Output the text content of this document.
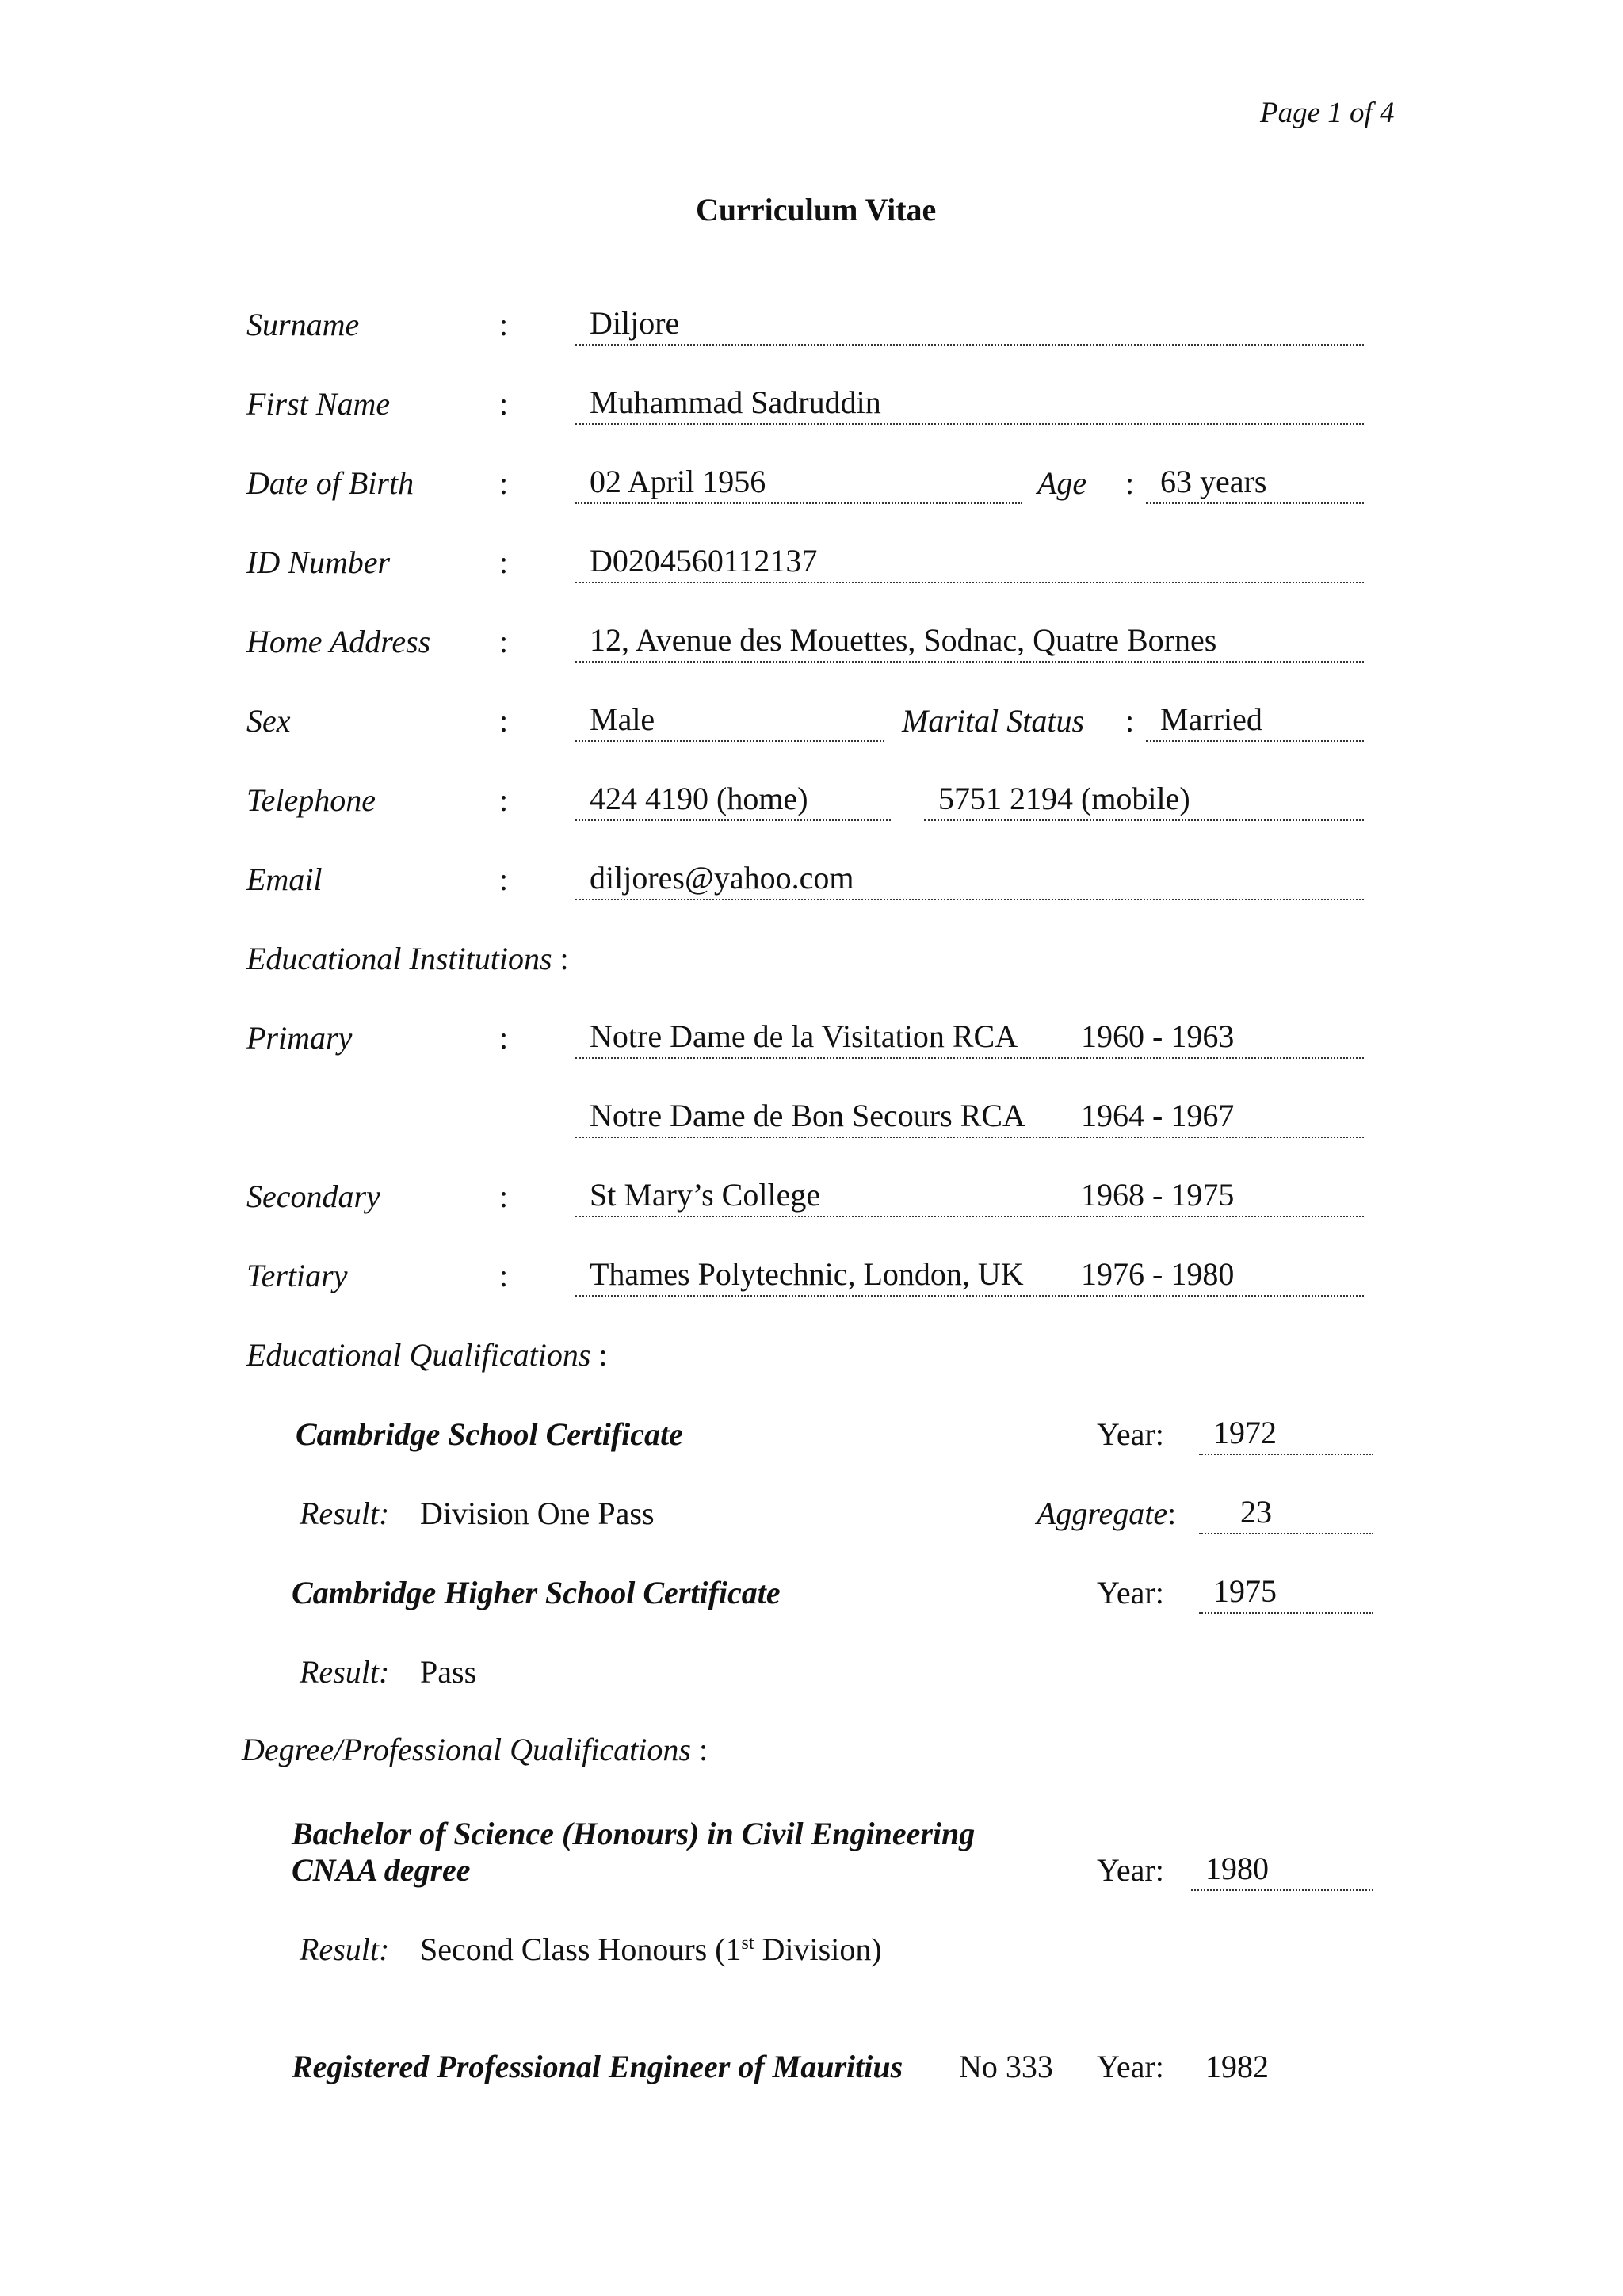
Page 1 of 4
Curriculum Vitae
Surname	:	Diljore
First Name	:	Muhammad Sadruddin
Date of Birth	:	02 April 1956	Age : 63 years
ID Number	:	D0204560112137
Home Address :	12, Avenue des Mouettes, Sodnac, Quatre Bornes
Sex	:	Male	Marital Status : Married
Telephone	:	424 4190 (home)	5751 2194 (mobile)
Email	:	diljores@yahoo.com
Educational Institutions :
Primary	:	Notre Dame de la Visitation RCA 1960 - 1963
Notre Dame de Bon Secours RCA 1964 - 1967
Secondary	:	St Mary’s College	1968 - 1975
Tertiary	:	Thames Polytechnic, London, UK 1976 - 1980
Educational Qualifications :
Cambridge School Certificate	Year:	1972
Result: Division One Pass	Aggregate:	23
Cambridge Higher School Certificate	Year:	1975
Result: Pass
Degree/Professional Qualifications :
Bachelor of Science (Honours) in Civil Engineering
CNAA degree	Year:	1980
Result: Second Class Honours (1st Division)
Registered Professional Engineer of Mauritius No 333 Year: 1982
